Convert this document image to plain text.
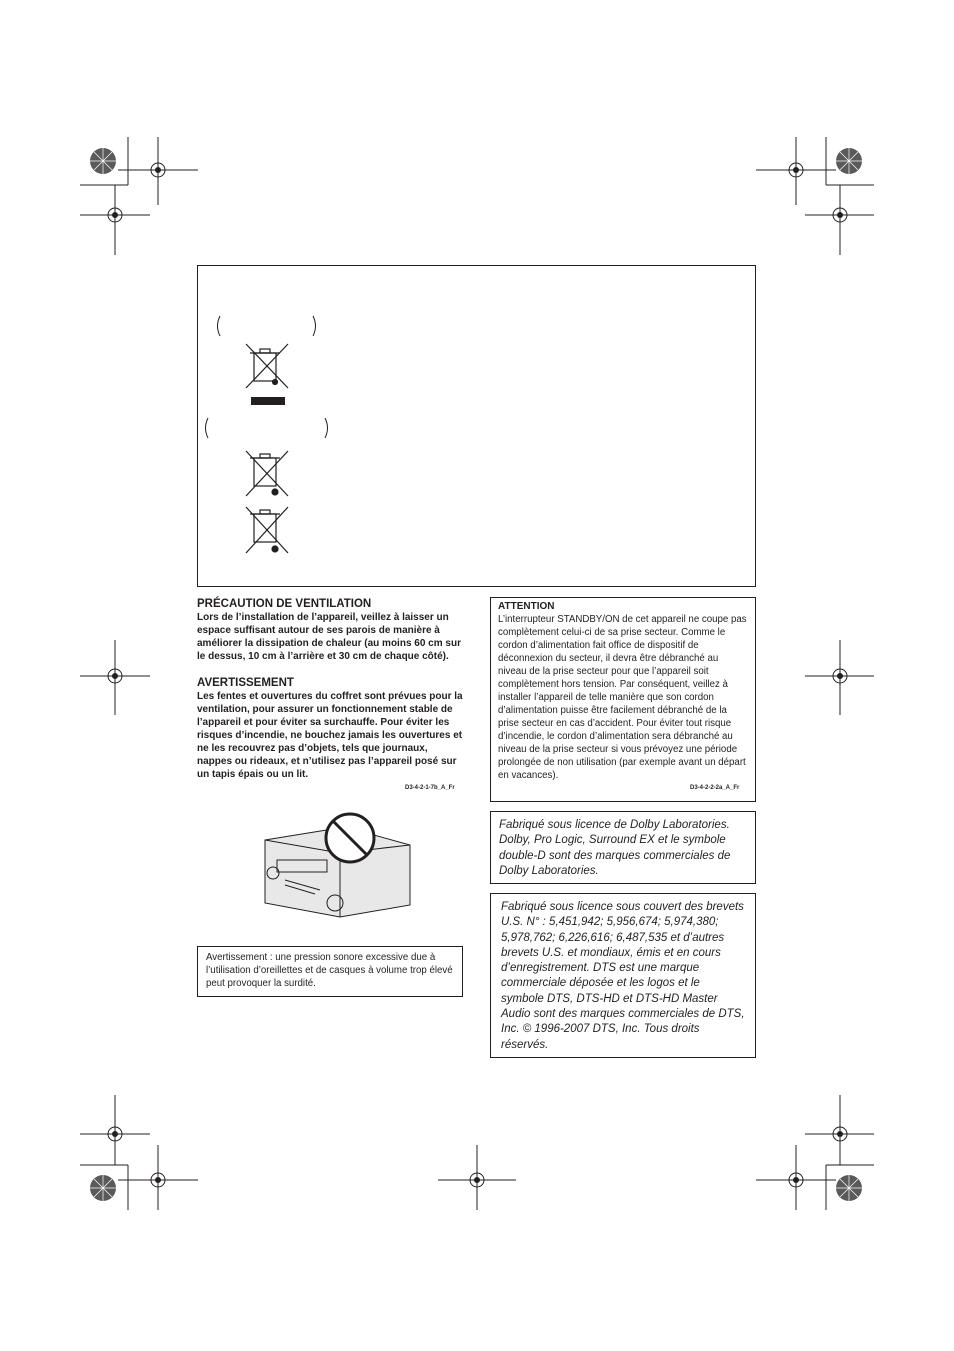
PRÉCAUTION DE VENTILATION
Lors de l’installation de l’appareil, veillez à laisser un espace suffisant autour de ses parois de manière à améliorer la dissipation de chaleur (au moins 60 cm sur le dessus, 10 cm à l’arrière et 30 cm de chaque côté).
AVERTISSEMENT
Les fentes et ouvertures du coffret sont prévues pour la ventilation, pour assurer un fonctionnement stable de l’appareil et pour éviter sa surchauffe. Pour éviter les risques d’incendie, ne bouchez jamais les ouvertures et ne les recouvrez pas d’objets, tels que journaux, nappes ou rideaux, et n’utilisez pas l’appareil posé sur un tapis épais ou un lit.
D3-4-2-1-7b_A_Fr
ATTENTION
L’interrupteur STANDBY/ON de cet appareil ne coupe pas complètement celui-ci de sa prise secteur. Comme le cordon d’alimentation fait office de dispositif de déconnexion du secteur, il devra être débranché au niveau de la prise secteur pour que l’appareil soit complètement hors tension. Par conséquent, veillez à installer l’appareil de telle manière que son cordon d’alimentation puisse être facilement débranché de la prise secteur en cas d’accident. Pour éviter tout risque d’incendie, le cordon d’alimentation sera débranché au niveau de la prise secteur si vous prévoyez une période prolongée de non utilisation (par exemple avant un départ en vacances).
D3-4-2-2-2a_A_Fr
Fabriqué sous licence de Dolby Laboratories. Dolby, Pro Logic, Surround EX et le symbole double-D sont des marques commerciales de Dolby Laboratories.
Fabriqué sous licence sous couvert des brevets U.S. N° : 5,451,942; 5,956,674; 5,974,380; 5,978,762; 6,226,616; 6,487,535 et d’autres brevets U.S. et mondiaux, émis et en cours d’enregistrement. DTS est une marque commerciale déposée et les logos et le symbole DTS, DTS-HD et DTS-HD Master Audio sont des marques commerciales de DTS, Inc. © 1996-2007 DTS, Inc. Tous droits réservés.
Avertissement : une pression sonore excessive due à l’utilisation d’oreillettes et de casques à volume trop élevé peut provoquer la surdité.
